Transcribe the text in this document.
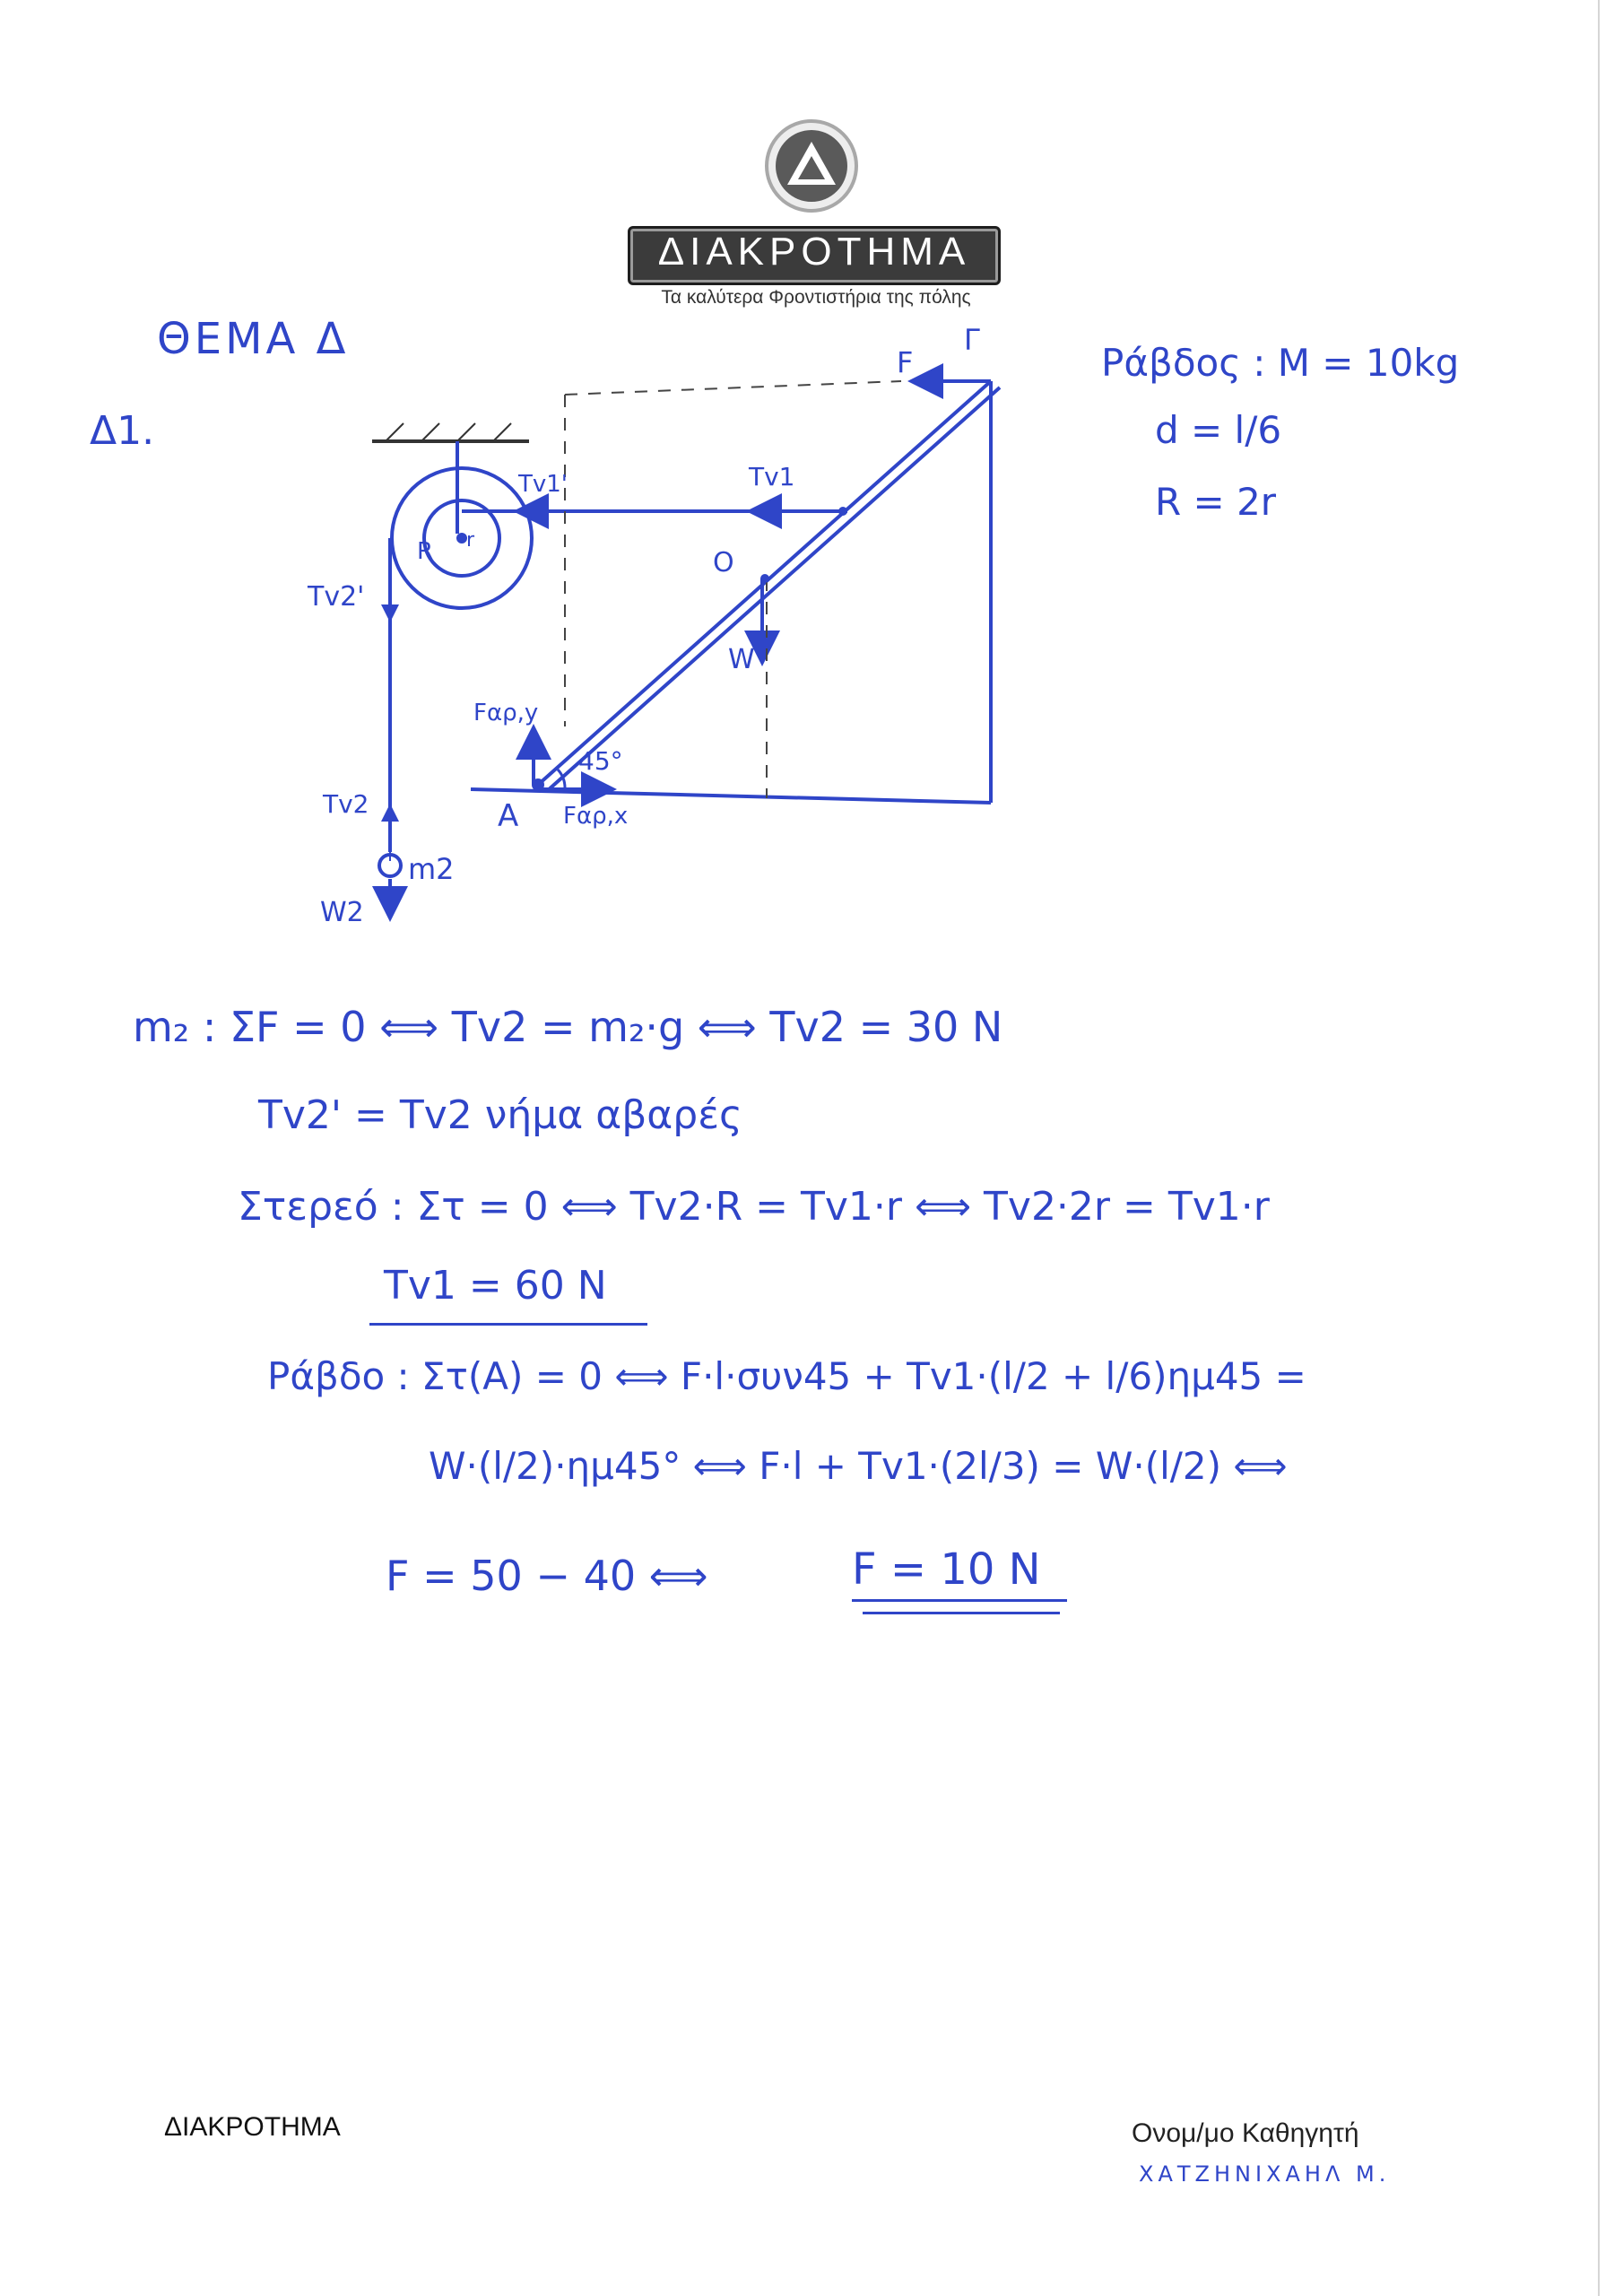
ΔΙΑΚΡΟΤΗΜΑ
Τα καλύτερα Φροντιστήρια της πόλης
ΘΕΜΑ Δ
Δ1.
Ράβδος : M = 10kg
d = l/6
R = 2r
F
Γ
Tv1'	Tv1
Tv2'
Tv2
R r
O
W
Fαρ,y
Fαρ,x
A
45°
m2
W2
m₂ : ΣF = 0 ⟺ Tv2 = m₂·g ⟺ Tv2 = 30 N
Tv2' = Tv2 νήμα αβαρές
Στερεό : Στ = 0 ⟺ Tv2·R = Tv1·r ⟺ Tv2·2r = Tv1·r
Tv1 = 60 N
Ράβδο : Στ(A) = 0 ⟺ F·l·συν45 + Tv1·(l/2 + l/6)ημ45 =
W·(l/2)·ημ45° ⟺ F·l + Tv1·(2l/3) = W·(l/2) ⟺
F = 50 − 40 ⟺	F = 10 N
ΔΙΑΚΡΟΤΗΜΑ	Ονομ/μο Καθηγητή
ΧΑΤΖΗΝΙΧΑΗΛ Μ.
